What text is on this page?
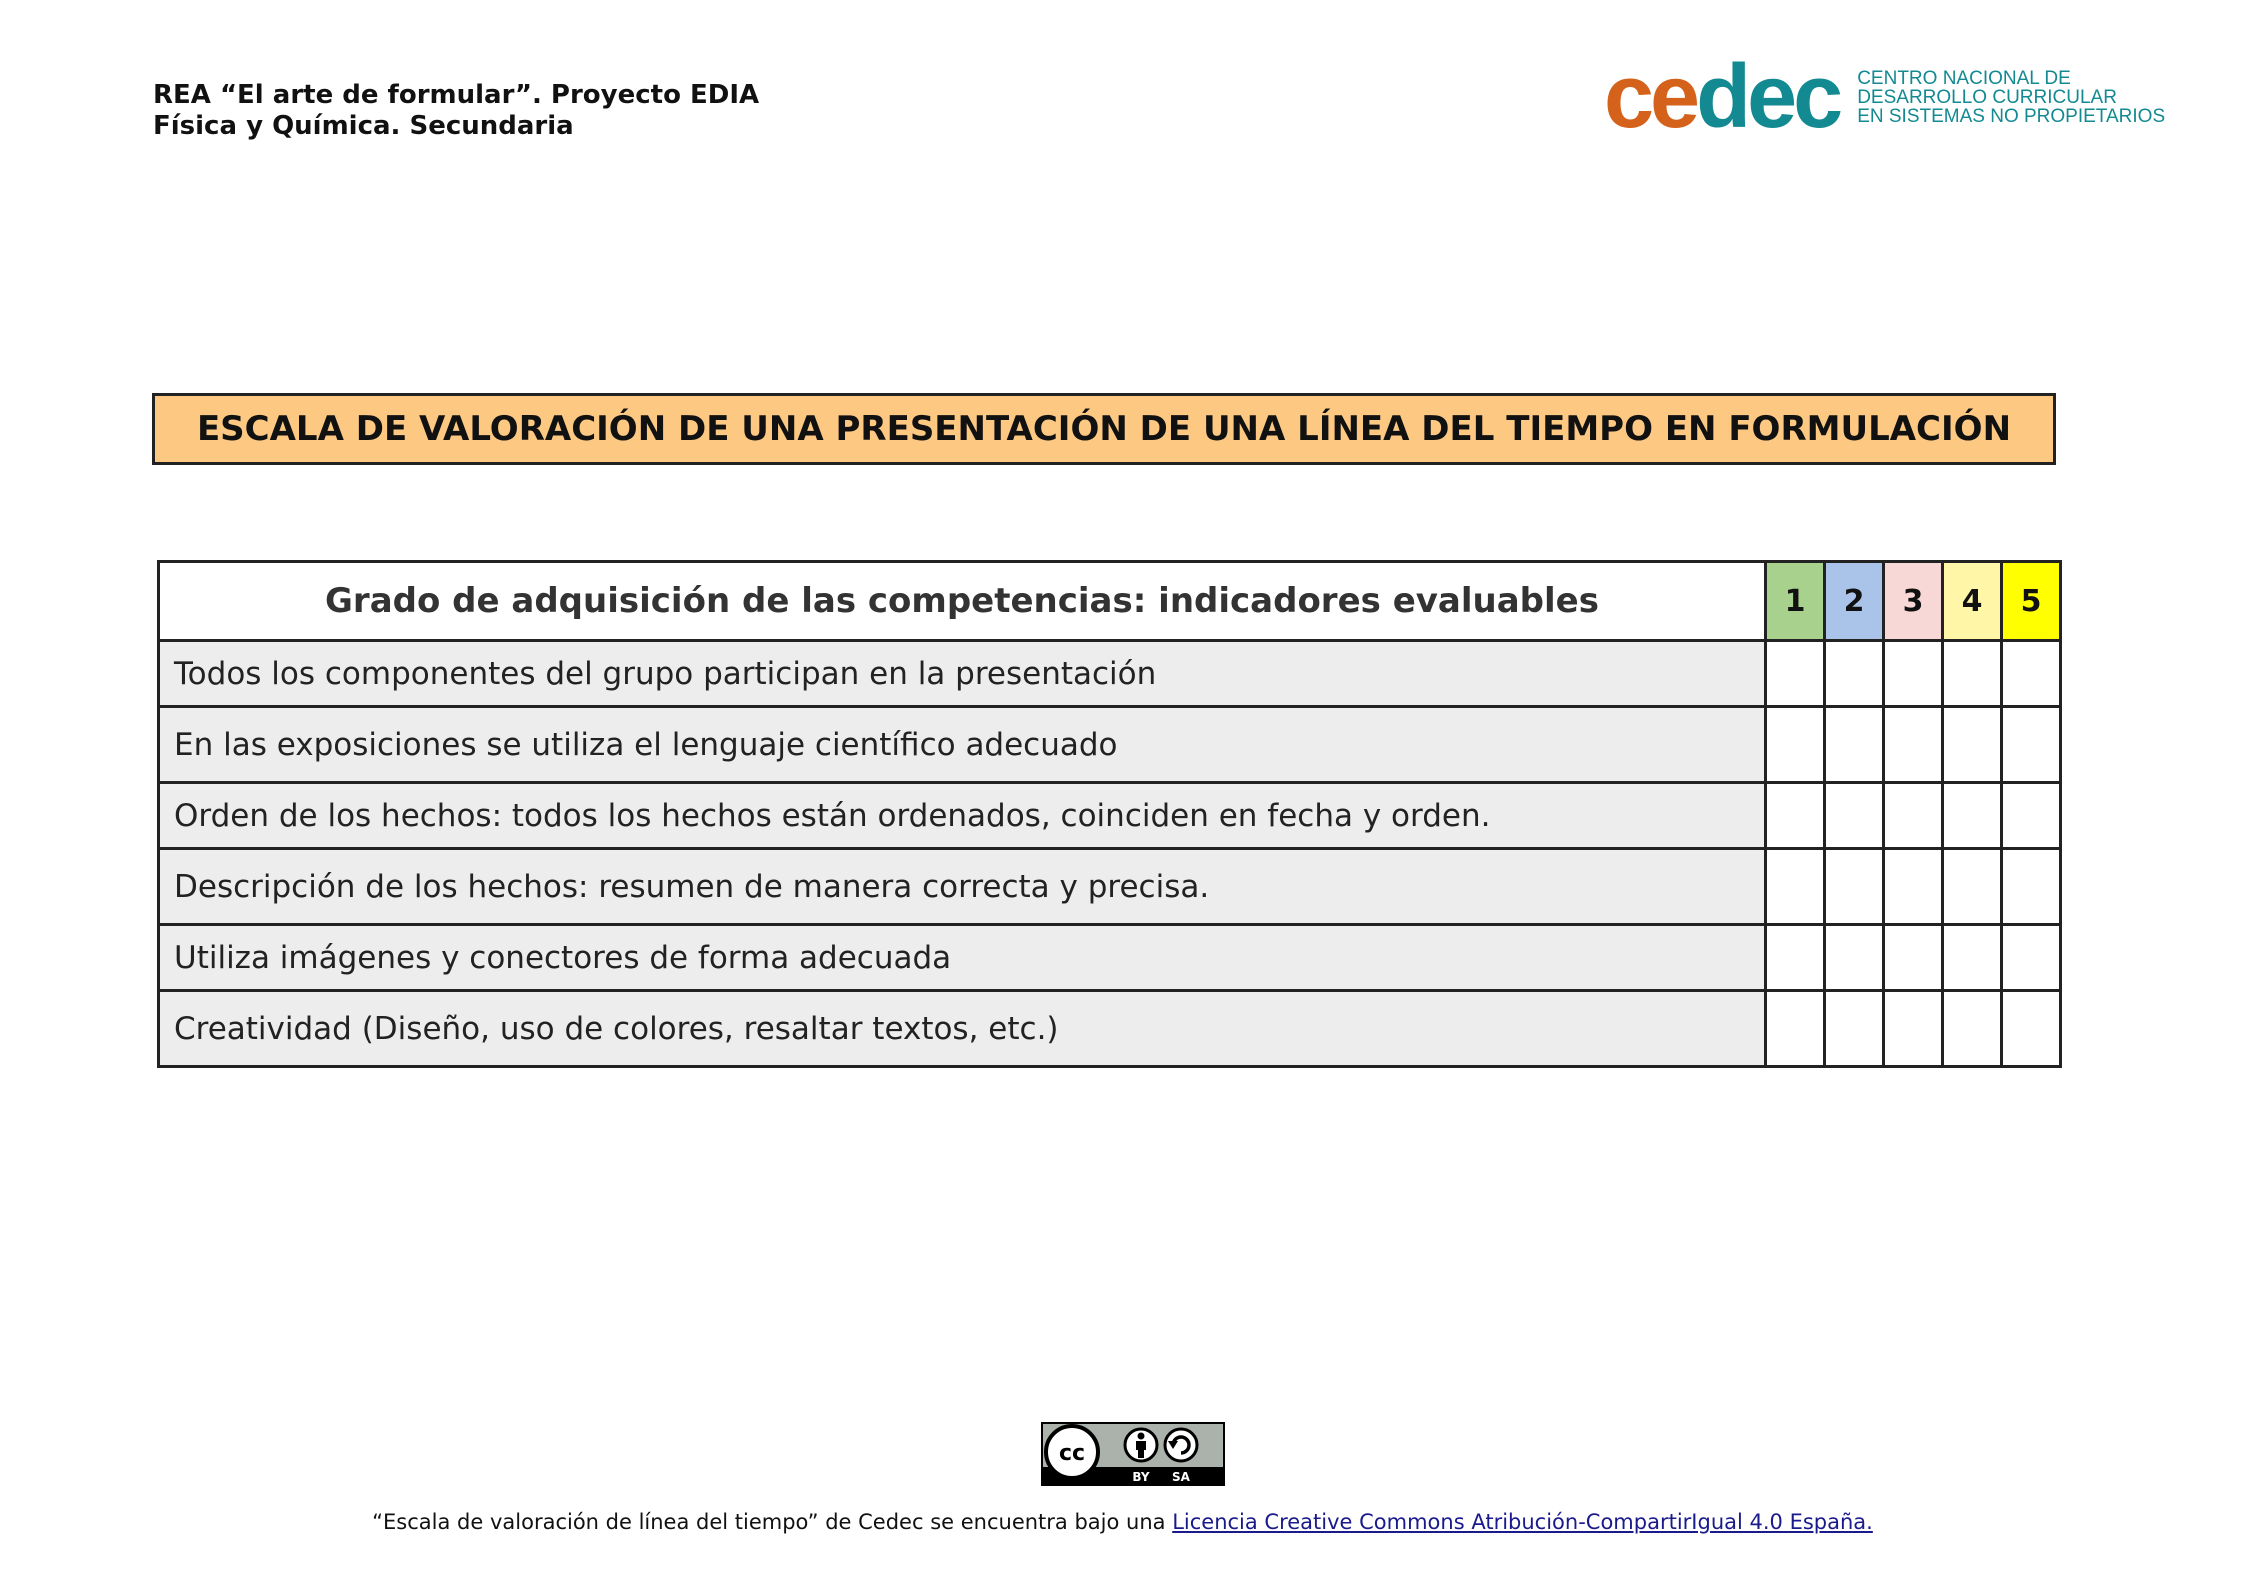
REA “El arte de formular”. Proyecto EDIA
Física y Química. Secundaria	cedec CENTRO NACIONAL DE
DESARROLLO CURRICULAR
EN SISTEMAS NO PROPIETARIOS
ESCALA DE VALORACIÓN DE UNA PRESENTACIÓN DE UNA LÍNEA DEL TIEMPO EN FORMULACIÓN
Grado de adquisición de las competencias: indicadores evaluables	1	2	3	4	5
Todos los componentes del grupo participan en la presentación					
En las exposiciones se utiliza el lenguaje científico adecuado					
Orden de los hechos: todos los hechos están ordenados, coinciden en fecha y orden.					
Descripción de los hechos: resumen de manera correcta y precisa.					
Utiliza imágenes y conectores de forma adecuada					
Creatividad (Diseño, uso de colores, resaltar textos, etc.)					
cc
BY SA
“Escala de valoración de línea del tiempo” de Cedec se encuentra bajo una Licencia Creative Commons Atribución-CompartirIgual 4.0 España.
